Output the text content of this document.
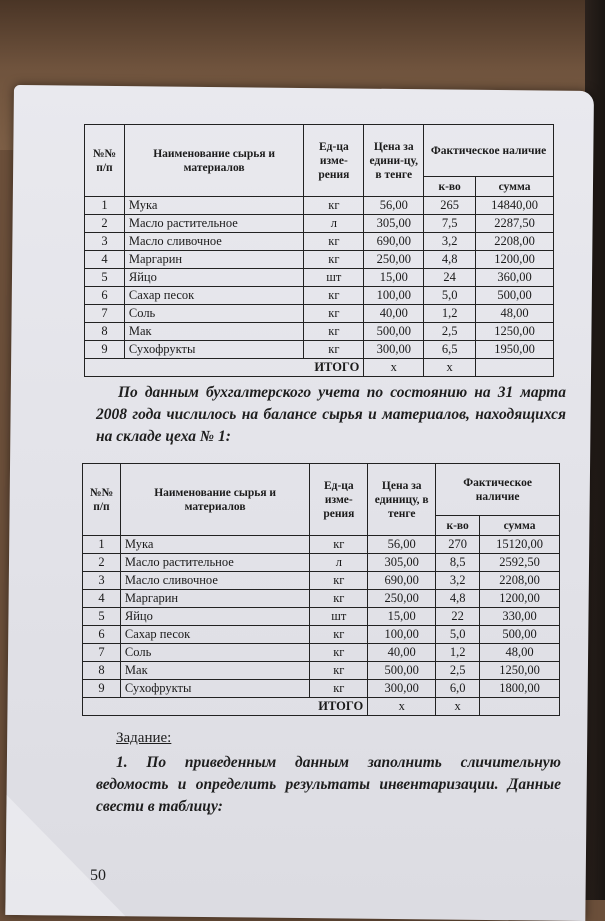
№№ п/п	Наименование сырья и материалов	Ед-ца изме-рения	Цена за едини-цу, в тенге	Фактическое наличие	
				к-во	сумма
1	Мука	кг	56,00	265	14840,00
2	Масло растительное	л	305,00	7,5	2287,50
3	Масло сливочное	кг	690,00	3,2	2208,00
4	Маргарин	кг	250,00	4,8	1200,00
5	Яйцо	шт	15,00	24	360,00
6	Сахар песок	кг	100,00	5,0	500,00
7	Соль	кг	40,00	1,2	48,00
8	Мак	кг	500,00	2,5	1250,00
9	Сухофрукты	кг	300,00	6,5	1950,00
ИТОГО			х	х	
По данным бухгалтерского учета по состоянию на 31 марта 2008 года числилось на балансе сырья и материалов, находящихся на складе цеха № 1:
№№ п/п	Наименование сырья и материалов	Ед-ца изме-рения	Цена за единицу, в тенге	Фактическое наличие	
				к-во	сумма
1	Мука	кг	56,00	270	15120,00
2	Масло растительное	л	305,00	8,5	2592,50
3	Масло сливочное	кг	690,00	3,2	2208,00
4	Маргарин	кг	250,00	4,8	1200,00
5	Яйцо	шт	15,00	22	330,00
6	Сахар песок	кг	100,00	5,0	500,00
7	Соль	кг	40,00	1,2	48,00
8	Мак	кг	500,00	2,5	1250,00
9	Сухофрукты	кг	300,00	6,0	1800,00
ИТОГО			х	х	
Задание:
1. По приведенным данным заполнить сличительную ведомость и определить результаты инвентаризации. Данные свести в таблицу:
50
